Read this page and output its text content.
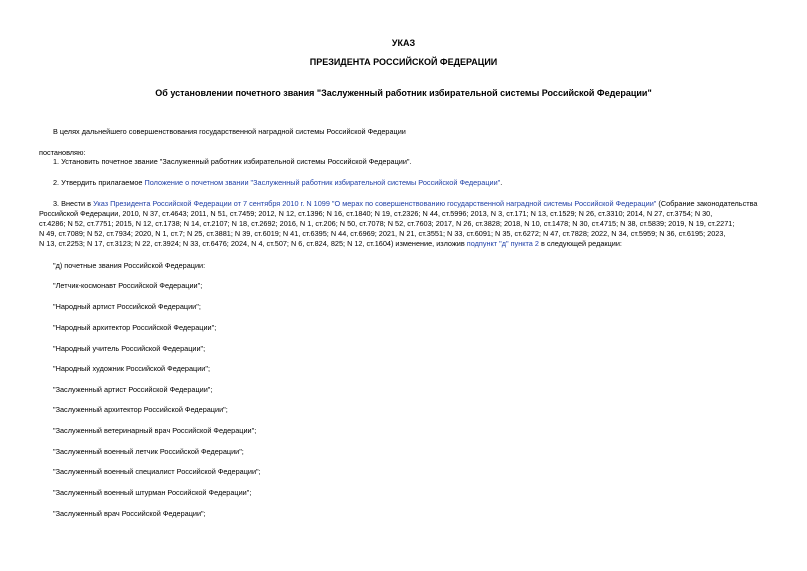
УКАЗ
ПРЕЗИДЕНТА РОССИЙСКОЙ ФЕДЕРАЦИИ
Об установлении почетного звания "Заслуженный работник избирательной системы Российской Федерации"
В целях дальнейшего совершенствования государственной наградной системы Российской Федерации
постановляю:
1. Установить почетное звание "Заслуженный работник избирательной системы Российской Федерации".
2. Утвердить прилагаемое Положение о почетном звании "Заслуженный работник избирательной системы Российской Федерации".
3. Внести в Указ Президента Российской Федерации от 7 сентября 2010 г. N 1099 "О мерах по совершенствованию государственной наградной системы Российской Федерации" (Собрание законодательства
Российской Федерации, 2010, N 37, ст.4643; 2011, N 51, ст.7459; 2012, N 12, ст.1396; N 16, ст.1840; N 19, ст.2326; N 44, ст.5996; 2013, N 3, ст.171; N 13, ст.1529; N 26, ст.3310; 2014, N 27, ст.3754; N 30,
ст.4286; N 52, ст.7751; 2015, N 12, ст.1738; N 14, ст.2107; N 18, ст.2692; 2016, N 1, ст.206; N 50, ст.7078; N 52, ст.7603; 2017, N 26, ст.3828; 2018, N 10, ст.1478; N 30, ст.4715; N 38, ст.5839; 2019, N 19, ст.2271;
N 49, ст.7089; N 52, ст.7934; 2020, N 1, ст.7; N 25, ст.3881; N 39, ст.6019; N 41, ст.6395; N 44, ст.6969; 2021, N 21, ст.3551; N 33, ст.6091; N 35, ст.6272; N 47, ст.7828; 2022, N 34, ст.5959; N 36, ст.6195; 2023,
N 13, ст.2253; N 17, ст.3123; N 22, ст.3924; N 33, ст.6476; 2024, N 4, ст.507; N 6, ст.824, 825; N 12, ст.1604) изменение, изложив подпункт "д" пункта 2 в следующей редакции:
"д) почетные звания Российской Федерации:
"Летчик-космонавт Российской Федерации";
"Народный артист Российской Федерации";
"Народный архитектор Российской Федерации";
"Народный учитель Российской Федерации";
"Народный художник Российской Федерации";
"Заслуженный артист Российской Федерации";
"Заслуженный архитектор Российской Федерации";
"Заслуженный ветеринарный врач Российской Федерации";
"Заслуженный военный летчик Российской Федерации";
"Заслуженный военный специалист Российской Федерации";
"Заслуженный военный штурман Российской Федерации";
"Заслуженный врач Российской Федерации";
